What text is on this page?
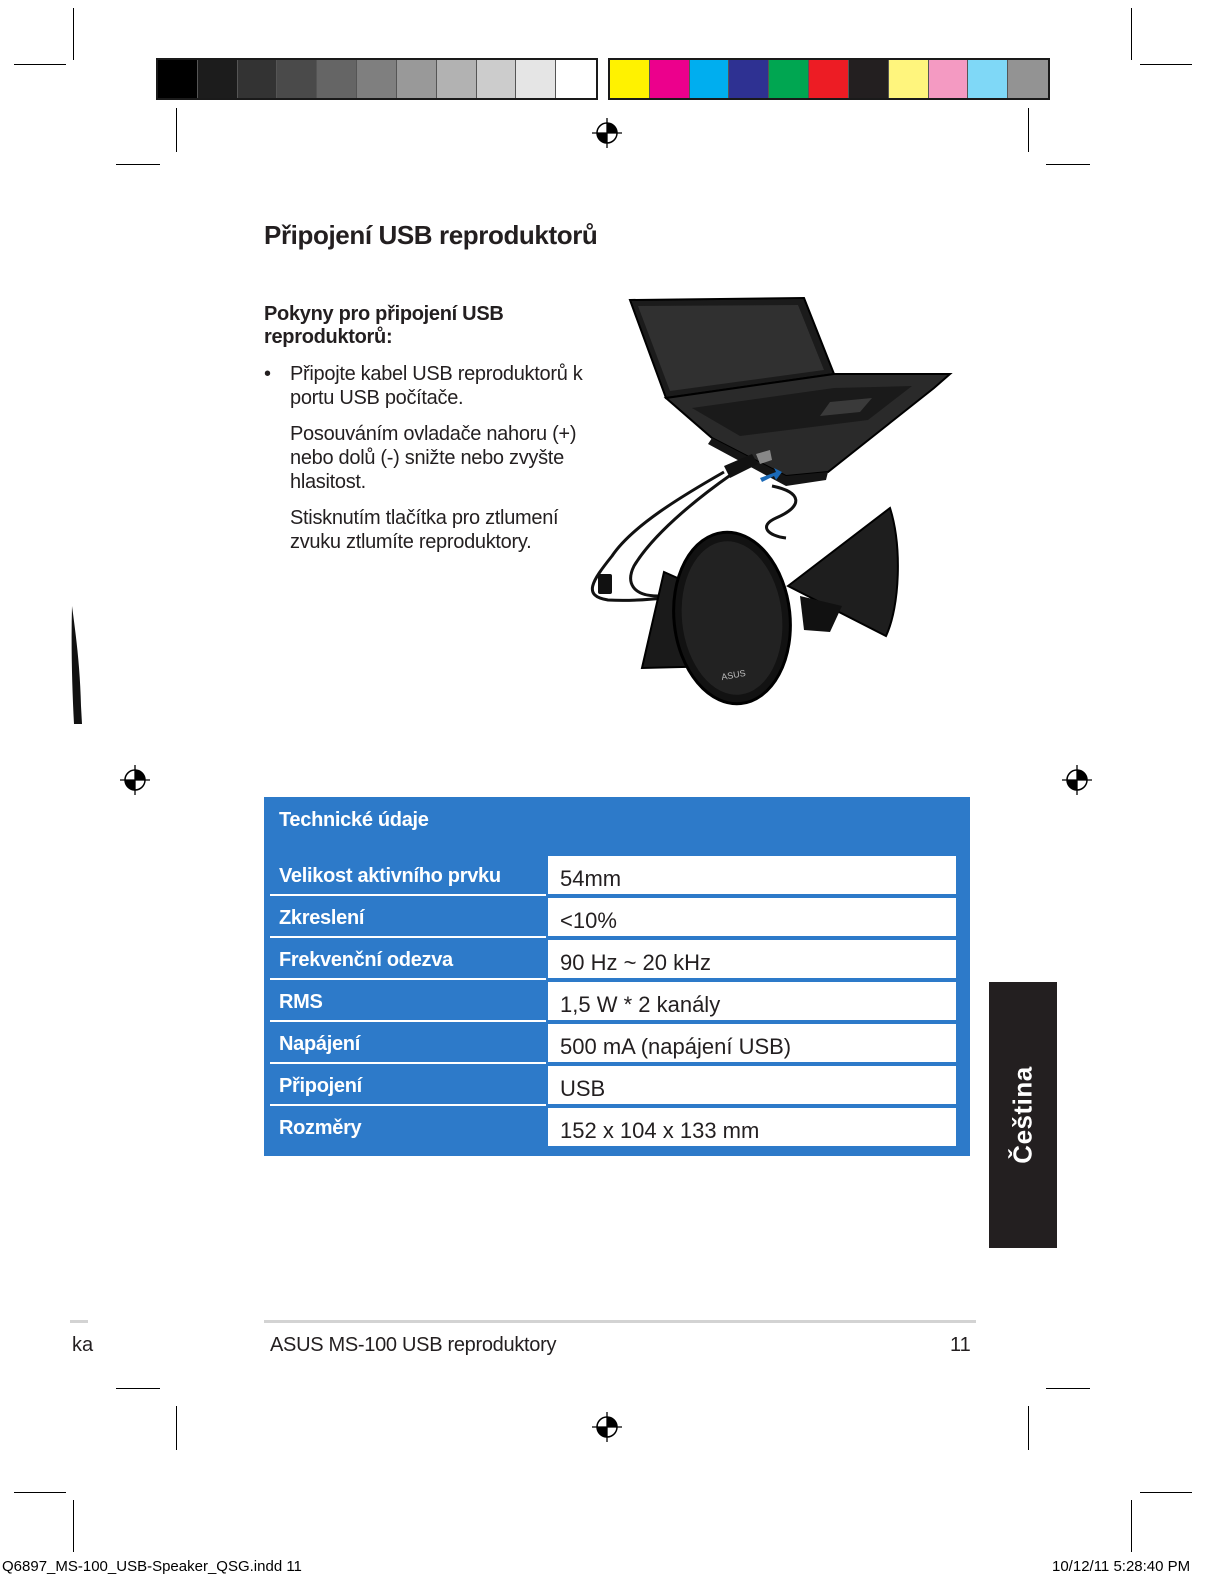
Připojení USB reproduktorů
Pokyny pro připojení USB reproduktorů:
• Připojte kabel USB reproduktorů k portu USB počítače.

Posouváním ovladače nahoru (+) nebo dolů (-) snižte nebo zvyšte hlasitost.

Stisknutím tlačítka pro ztlumení zvuku ztlumíte reproduktory.

ASUS
Technické údaje
Velikost aktivního prvku	54mm
Zkreslení	<10%
Frekvenční odezva	90 Hz ~ 20 kHz
RMS	1,5 W * 2 kanály
Napájení	500 mA (napájení USB)
Připojení	USB
Rozměry	152 x 104 x 133 mm	Čeština
ka	ASUS MS-100 USB reproduktory	11
Q6897_MS-100_USB-Speaker_QSG.indd 11	10/12/11 5:28:40 PM
